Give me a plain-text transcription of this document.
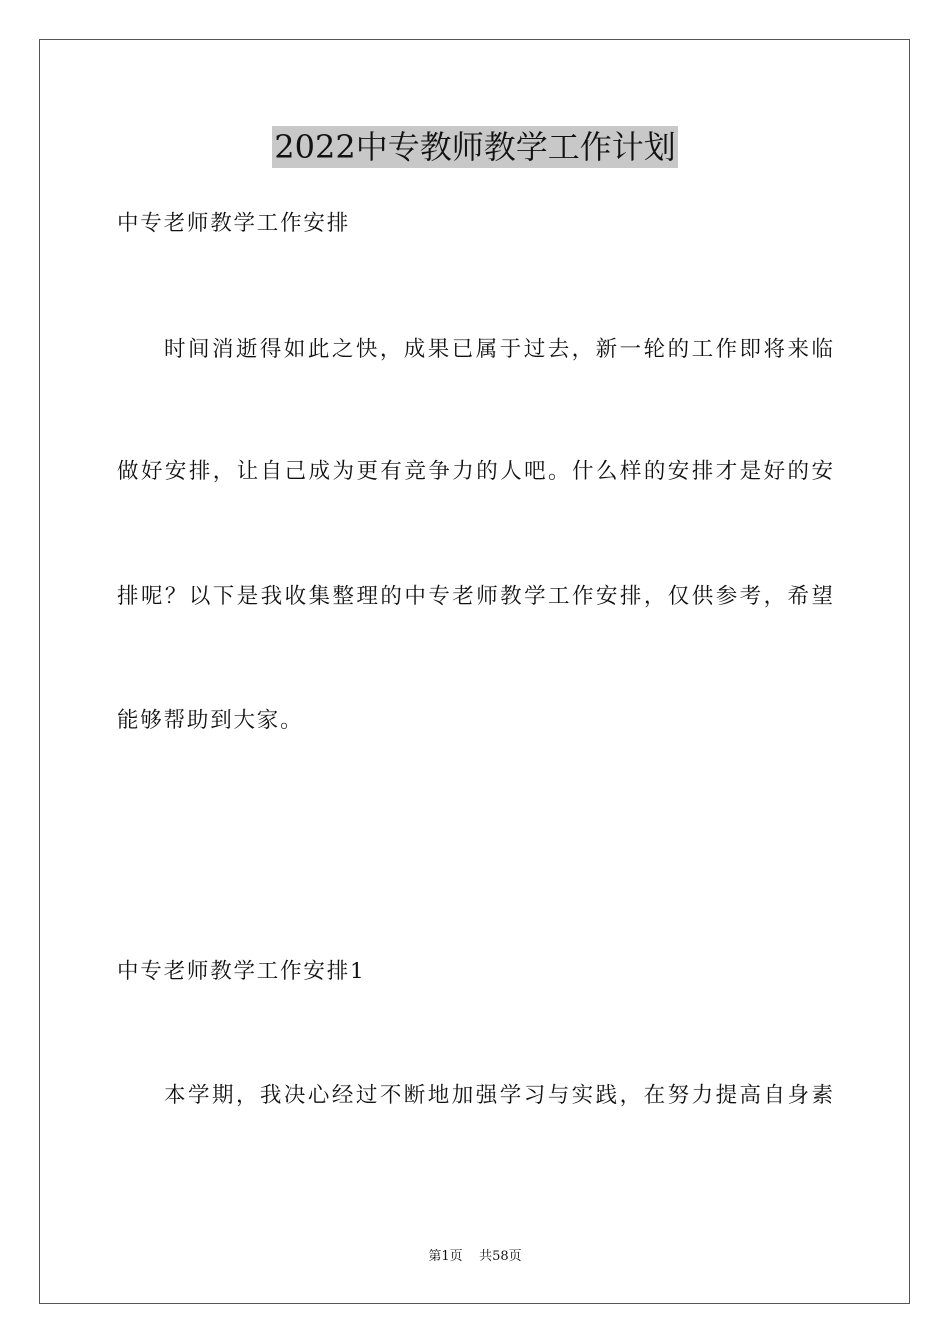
2022中专教师教学工作计划
中专老师教学工作安排
时间消逝得如此之快，成果已属于过去，新一轮的工作即将来临
做好安排，让自己成为更有竞争力的人吧。什么样的安排才是好的安
排呢？以下是我收集整理的中专老师教学工作安排，仅供参考，希望
能够帮助到大家。
中专老师教学工作安排1
本学期，我决心经过不断地加强学习与实践，在努力提高自身素
第1页 共58页
